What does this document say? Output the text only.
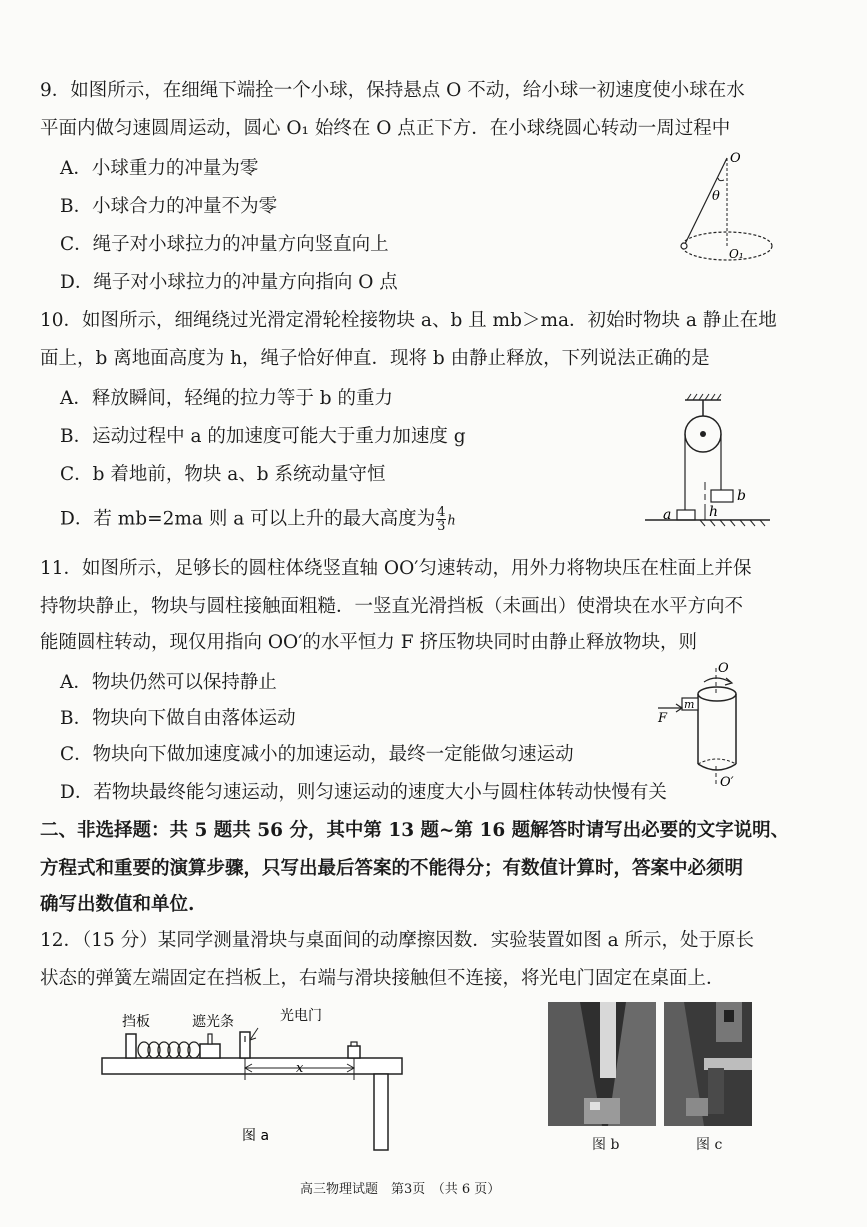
9．如图所示，在细绳下端拴一个小球，保持悬点 O 不动，给小球一初速度使小球在水
平面内做匀速圆周运动，圆心 O₁ 始终在 O 点正下方．在小球绕圆心转动一周过程中
A．小球重力的冲量为零
B．小球合力的冲量不为零
C．绳子对小球拉力的冲量方向竖直向上
D．绳子对小球拉力的冲量方向指向 O 点
O
θ
O₁
10．如图所示，细绳绕过光滑定滑轮栓接物块 a、b 且 mb＞ma．初始时物块 a 静止在地
面上，b 离地面高度为 h，绳子恰好伸直．现将 b 由静止释放，下列说法正确的是
A．释放瞬间，轻绳的拉力等于 b 的重力
B．运动过程中 a 的加速度可能大于重力加速度 g
C．b 着地前，物块 a、b 系统动量守恒
D．若 mb=2ma 则 a 可以上升的最大高度为 $\frac{4}{3}$ h
b
a	h
11．如图所示，足够长的圆柱体绕竖直轴 OO′匀速转动，用外力将物块压在柱面上并保
持物块静止，物块与圆柱接触面粗糙．一竖直光滑挡板（未画出）使滑块在水平方向不
能随圆柱转动，现仅用指向 OO′的水平恒力 F 挤压物块同时由静止释放物块，则
A．物块仍然可以保持静止
B．物块向下做自由落体运动
C．物块向下做加速度减小的加速运动，最终一定能做匀速运动
D．若物块最终能匀速运动，则匀速运动的速度大小与圆柱体转动快慢有关
O
O′
F
m
二、非选择题：共 5 题共 56 分，其中第 13 题~第 16 题解答时请写出必要的文字说明、
方程式和重要的演算步骤，只写出最后答案的不能得分；有数值计算时，答案中必须明
确写出数值和单位.
12．（15 分）某同学测量滑块与桌面间的动摩擦因数．实验装置如图 a 所示，处于原长
状态的弹簧左端固定在挡板上，右端与滑块接触但不连接，将光电门固定在桌面上．
挡板	遮光条	光电门
x
图 a
图 b	图 c
高三物理试题　第3页　（共 6 页）
